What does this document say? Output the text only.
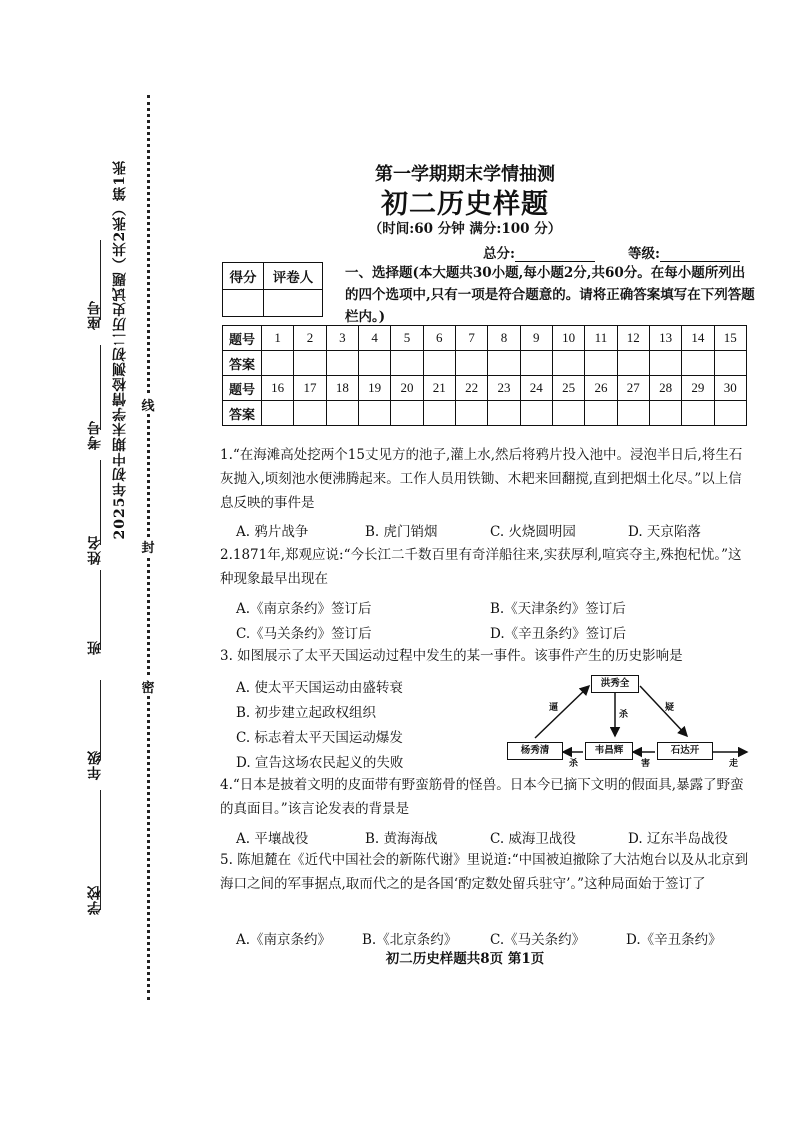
2025年初中期末学情检测初二历史试题（共2张）第1张
座号
考号
姓名
班
年级
学校
线
封
密
第一学期期末学情抽测
初二历史样题
（时间:60 分钟 满分:100 分）
总分:	等级:
得分	评卷人
	一、选择题(本大题共30小题,每小题2分,共60分。在每小题所列出的四个选项中,只有一项是符合题意的。请将正确答案填写在下列答题栏内。)
题号	1	2	3	4	5	6	7	8	9	10	11	12	13	14	15
答案															
题号	16	17	18	19	20	21	22	23	24	25	26	27	28	29	30
答案															
1.“在海滩高处挖两个15丈见方的池子,灌上水,然后将鸦片投入池中。浸泡半日后,将生石灰抛入,顷刻池水便沸腾起来。工作人员用铁锄、木耙来回翻搅,直到把烟土化尽。”以上信息反映的事件是
A. 鸦片战争	B. 虎门销烟	C. 火烧圆明园	D. 天京陷落
2.1871年,郑观应说:“今长江二千数百里有奇洋船往来,实获厚利,喧宾夺主,殊抱杞忧。”这种现象最早出现在
A.《南京条约》签订后	B.《天津条约》签订后
C.《马关条约》签订后	D.《辛丑条约》签订后
3. 如图展示了太平天国运动过程中发生的某一事件。该事件产生的历史影响是
A. 使太平天国运动由盛转衰
B. 初步建立起政权组织
C. 标志着太平天国运动爆发
D. 宣告这场农民起义的失败
洪秀全
杨秀清	韦昌辉	石达开
逼
杀
疑
杀	害	走
4.“日本是披着文明的皮面带有野蛮筋骨的怪兽。日本今已摘下文明的假面具,暴露了野蛮的真面目。”该言论发表的背景是
A. 平壤战役	B. 黄海海战	C. 威海卫战役	D. 辽东半岛战役
5. 陈旭麓在《近代中国社会的新陈代谢》里说道:“中国被迫撤除了大沽炮台以及从北京到海口之间的军事据点,取而代之的是各国‘酌定数处留兵驻守’。”这种局面始于签订了
A.《南京条约》 B.《北京条约》 C.《马关条约》	D.《辛丑条约》
初二历史样题共8页 第1页
